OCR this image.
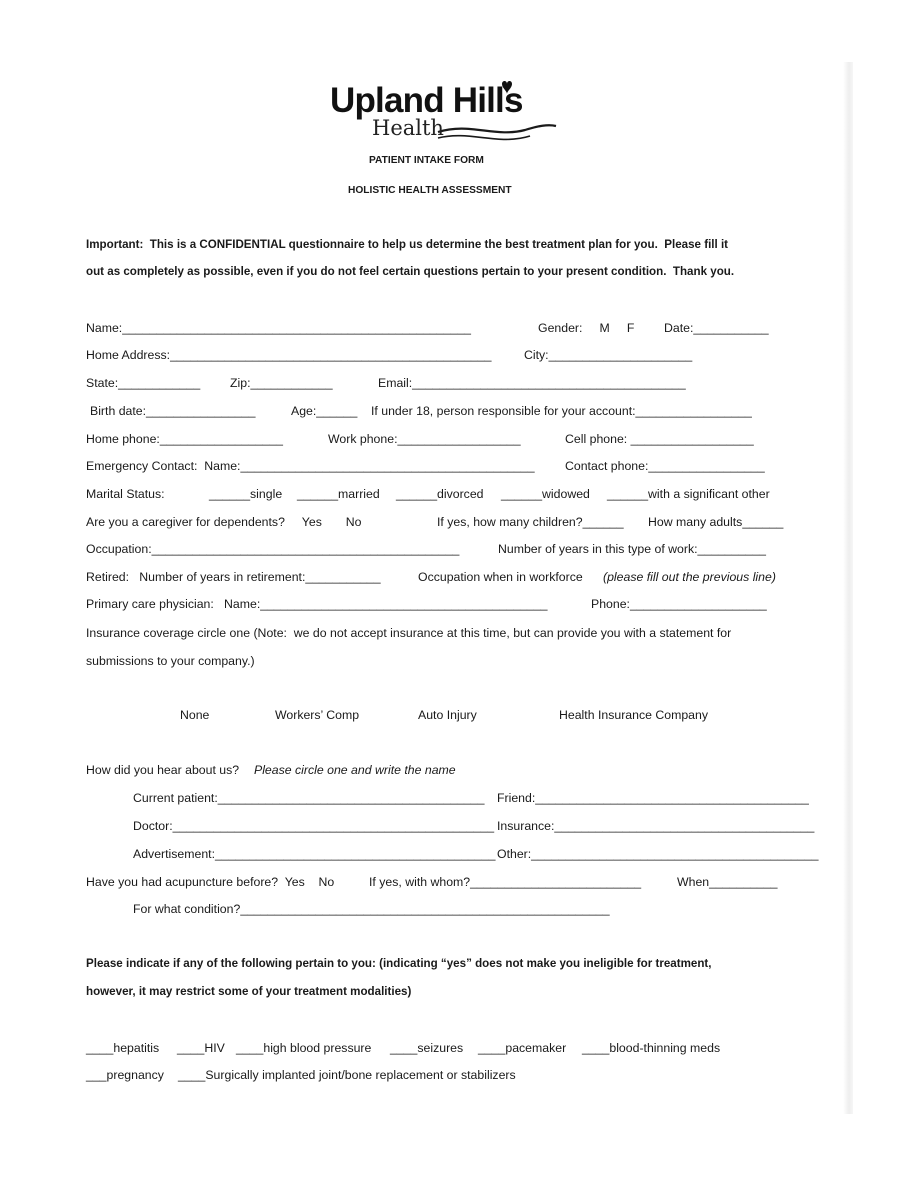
Upland Hills
Health
PATIENT INTAKE FORM
HOLISTIC HEALTH ASSESSMENT
Important:  This is a CONFIDENTIAL questionnaire to help us determine the best treatment plan for you.  Please fill it
out as completely as possible, even if you do not feel certain questions pertain to your present condition.  Thank you.
Name:___________________________________________________	Gender:     M     F Date:___________
Home Address:_______________________________________________	City:_____________________
State:____________ Zip:____________	Email:________________________________________
Birth date:________________	Age:______ If under 18, person responsible for your account:_________________
Home phone:__________________	Work phone:__________________	Cell phone: __________________
Emergency Contact:  Name:___________________________________________ Contact phone:_________________
Marital Status:	______single ______married ______divorced ______widowed ______with a significant other
Are you a caregiver for dependents?     Yes       No	If yes, how many children?______ How many adults______
Occupation:_____________________________________________	Number of years in this type of work:__________
Retired:   Number of years in retirement:___________	Occupation when in workforce (please fill out the previous line)
Primary care physician:   Name:__________________________________________	Phone:____________________
Insurance coverage circle one (Note:  we do not accept insurance at this time, but can provide you with a statement for
submissions to your company.)
None	Workers’ Comp	Auto Injury	Health Insurance Company
How did you hear about us? Please circle one and write the name
Current patient:_______________________________________ Friend:________________________________________
Doctor:_______________________________________________ Insurance:______________________________________
Advertisement:_________________________________________ Other:__________________________________________
Have you had acupuncture before?  Yes    No	If yes, with whom?_________________________	When__________
For what condition?______________________________________________________
Please indicate if any of the following pertain to you: (indicating “yes” does not make you ineligible for treatment,
however, it may restrict some of your treatment modalities)
____hepatitis ____HIV ____high blood pressure ____seizures ____pacemaker ____blood-thinning meds
___pregnancy ____Surgically implanted joint/bone replacement or stabilizers
